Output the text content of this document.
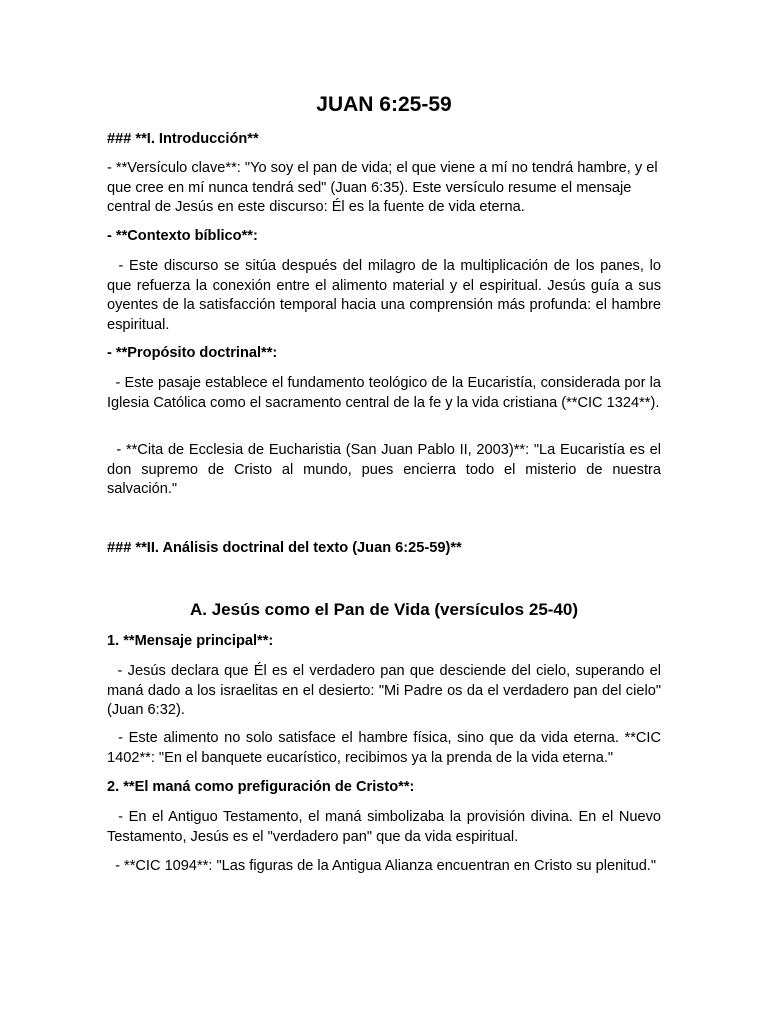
JUAN 6:25-59

### **I. Introducción**

- **Versículo clave**: "Yo soy el pan de vida; el que viene a mí no tendrá hambre, y el que cree en mí nunca tendrá sed" (Juan 6:35). Este versículo resume el mensaje central de Jesús en este discurso: Él es la fuente de vida eterna.

- **Contexto bíblico**:

- Este discurso se sitúa después del milagro de la multiplicación de los panes, lo que refuerza la conexión entre el alimento material y el espiritual. Jesús guía a sus oyentes de la satisfacción temporal hacia una comprensión más profunda: el hambre espiritual.

- **Propósito doctrinal**:

- Este pasaje establece el fundamento teológico de la Eucaristía, considerada por la Iglesia Católica como el sacramento central de la fe y la vida cristiana (**CIC 1324**).

- **Cita de Ecclesia de Eucharistia (San Juan Pablo II, 2003)**: "La Eucaristía es el don supremo de Cristo al mundo, pues encierra todo el misterio de nuestra salvación."

### **II. Análisis doctrinal del texto (Juan 6:25-59)**

A. Jesús como el Pan de Vida (versículos 25-40)

1. **Mensaje principal**:

- Jesús declara que Él es el verdadero pan que desciende del cielo, superando el maná dado a los israelitas en el desierto: "Mi Padre os da el verdadero pan del cielo" (Juan 6:32).

- Este alimento no solo satisface el hambre física, sino que da vida eterna. **CIC 1402**: "En el banquete eucarístico, recibimos ya la prenda de la vida eterna."

2. **El maná como prefiguración de Cristo**:

- En el Antiguo Testamento, el maná simbolizaba la provisión divina. En el Nuevo Testamento, Jesús es el "verdadero pan" que da vida espiritual.

- **CIC 1094**: "Las figuras de la Antigua Alianza encuentran en Cristo su plenitud."
